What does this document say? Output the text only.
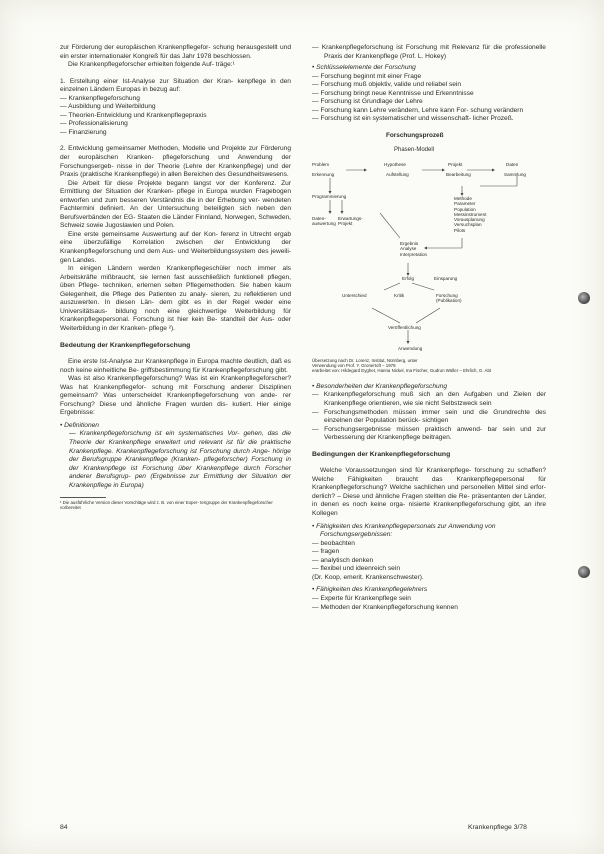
zur Förderung der europäischen Krankenpflegefor- schung herausgestellt und ein erster internationaler Kongreß für das Jahr 1978 beschlossen.

Die Krankenpflegeforscher erhielten folgende Auf- träge:¹

1. Erstellung einer Ist-Analyse zur Situation der Kran- kenpflege in den einzelnen Ländern Europas in bezug auf:

— Krankenpflegeforschung
— Ausbildung und Weiterbildung
— Theorien-Entwicklung und Krankenpflegepraxis
— Professionalisierung
— Finanzierung

2. Entwicklung gemeinsamer Methoden, Modelle und Projekte zur Förderung der europäischen Kranken- pflegeforschung und Anwendung der Forschungsergeb- nisse in der Theorie (Lehre der Krankenpflege) und der Praxis (praktische Krankenpflege) in allen Bereichen des Gesundheitswesens.

Die Arbeit für diese Projekte begann langst vor der Konferenz. Zur Ermittlung der Situation der Kranken- pflege in Europa wurden Fragebogen entworfen und zum besseren Verständnis die in der Erhebung ver- wendeten Fachtermini definiert. An der Untersuchung beteiligten sich neben den Berufsverbänden der EG- Staaten die Länder Finnland, Norwegen, Schweden, Schweiz sowie Jugoslawien und Polen.

Eine erste gemeinsame Auswertung auf der Kon- ferenz in Utrecht ergab eine überzufällige Korrelation zwischen der Entwicklung der Krankenpflegeforschung und dem Aus- und Weiterbildungssystem des jeweili- gen Landes.

In einigen Ländern werden Krankenpflegeschüler noch immer als Arbeitskräfte mißbraucht, sie lernen fast ausschließlich funktionell pflegen, üben Pflege- techniken, erlernen selten Pflegemethoden. Sie haben kaum Gelegenheit, die Pflege des Patienten zu analy- sieren, zu reflektieren und auszuwerten. In diesen Län- dern gibt es in der Regel weder eine Universitätsaus- bildung noch eine gleichwertige Weiterbildung für Krankenpflegepersonal. Forschung ist hier kein Be- standteil der Aus- oder Weiterbildung in der Kranken- pflege ²).

Bedeutung der Krankenpflegeforschung

Eine erste Ist-Analyse zur Krankenpflege in Europa machte deutlich, daß es noch keine einheitliche Be- griffsbestimmung für Krankenpflegeforschung gibt.

Was ist also Krankenpflegeforschung? Was ist ein Krankenpflegeforscher? Was hat Krankenpflegefor- schung mit Forschung anderer Disziplinen gemeinsam? Was unterscheidet Krankenpflegeforschung von ande- rer Forschung? Diese und ähnliche Fragen wurden dis- kutiert. Hier einige Ergebnisse:

• Definitionen

— Krankenpflegeforschung ist ein systematisches Vor- gehen, das die Theorie der Krankenpflege erweitert und relevant ist für die praktische Krankenpflege. Krankenpflegeforschung ist Forschung durch Ange- hörige der Berufsgruppe Krankenpflege (Kranken- pflegeforscher) Forschung in der Krankenpflege ist Forschung über Krankenpflege durch Forscher anderer Berufsgrup- pen (Ergebnisse zur Ermittlung der Situation der Krankenpflege in Europa)

¹ Die ausführliche Version dieser Vorschläge wird z. B. von einer Exper- tengruppe der Krankenpflegeforscher vorbereitet
84

— Krankenpflegeforschung ist Forschung mit Relevanz für die professionelle Praxis der Krankenpflege (Prof. L. Hokey)

• Schlüsselelemente der Forschung
— Forschung beginnt mit einer Frage
— Forschung muß objektiv, valide und reliabel sein
— Forschung bringt neue Kenntnisse und Erkenntnisse
— Forschung ist Grundlage der Lehre
— Forschung kann Lehre verändern, Lehre kann For- schung verändern
— Forschung ist ein systematischer und wissenschaft- licher Prozeß.
Forschungsprozeß
Phasen-Modell
Problem
Erkennung
Hypothese
Aufstellung
Projekt
Bearbeitung
Daten
Sammlung
Programmierung
Daten-
auswertung
Erwartungs-
Projekt
Methode
Parameter
Population
Messinstrument
Vorausplanung
Versuchsplan
Pilots
Ergebnis
Analyse
Interpretation
Erfolg	Einsparung
Unterschied	Kritik	Forschung
(Publikation)
Veröffentlichung
Anwendung
Übersetzung nach Dr. Lorenz, Institut, Nürnberg, unter
Verwendung von Prof. Y. Gronertoft – 1978
erarbeitet von: Hildegard Eyghet, Hanna Nickel, Ina Fischer, Gudrun Wüller – Ehrlich, G. Abt
• Besonderheiten der Krankenpflegeforschung

— Krankenpflegeforschung muß sich an den Aufgaben und Zielen der Krankenpflege orientieren, wie sie nicht Selbstzweck sein

— Forschungsmethoden müssen immer sein und die Grundrechte des einzelnen der Population berück- sichtigen

— Forschungsergebnisse müssen praktisch anwend- bar sein und zur Verbesserung der Krankenpflege beitragen.

Bedingungen der Krankenpflegeforschung

Welche Voraussetzungen sind für Krankenpflege- forschung zu schaffen? Welche Fähigkeiten braucht das Krankenpflegepersonal für Krankenpflegeforschung? Welche sachlichen und personellen Mittel sind erfor- derlich? – Diese und ähnliche Fragen stellten die Re- präsentanten der Länder, in denen es noch keine orga- nisierte Krankenpflegeforschung gibt, an ihre Kollegen

• Fähigkeiten des Krankenpflegepersonals zur Anwendung von Forschungsergebnissen:
— beobachten
— fragen
— analytisch denken
— flexibel und ideenreich sein
(Dr. Koop, emerit. Krankenschwester).
• Fähigkeiten des Krankenpflegelehrers
— Experte für Krankenpflege sein
— Methoden der Krankenpflegeforschung kennen
Krankenpflege 3/78
